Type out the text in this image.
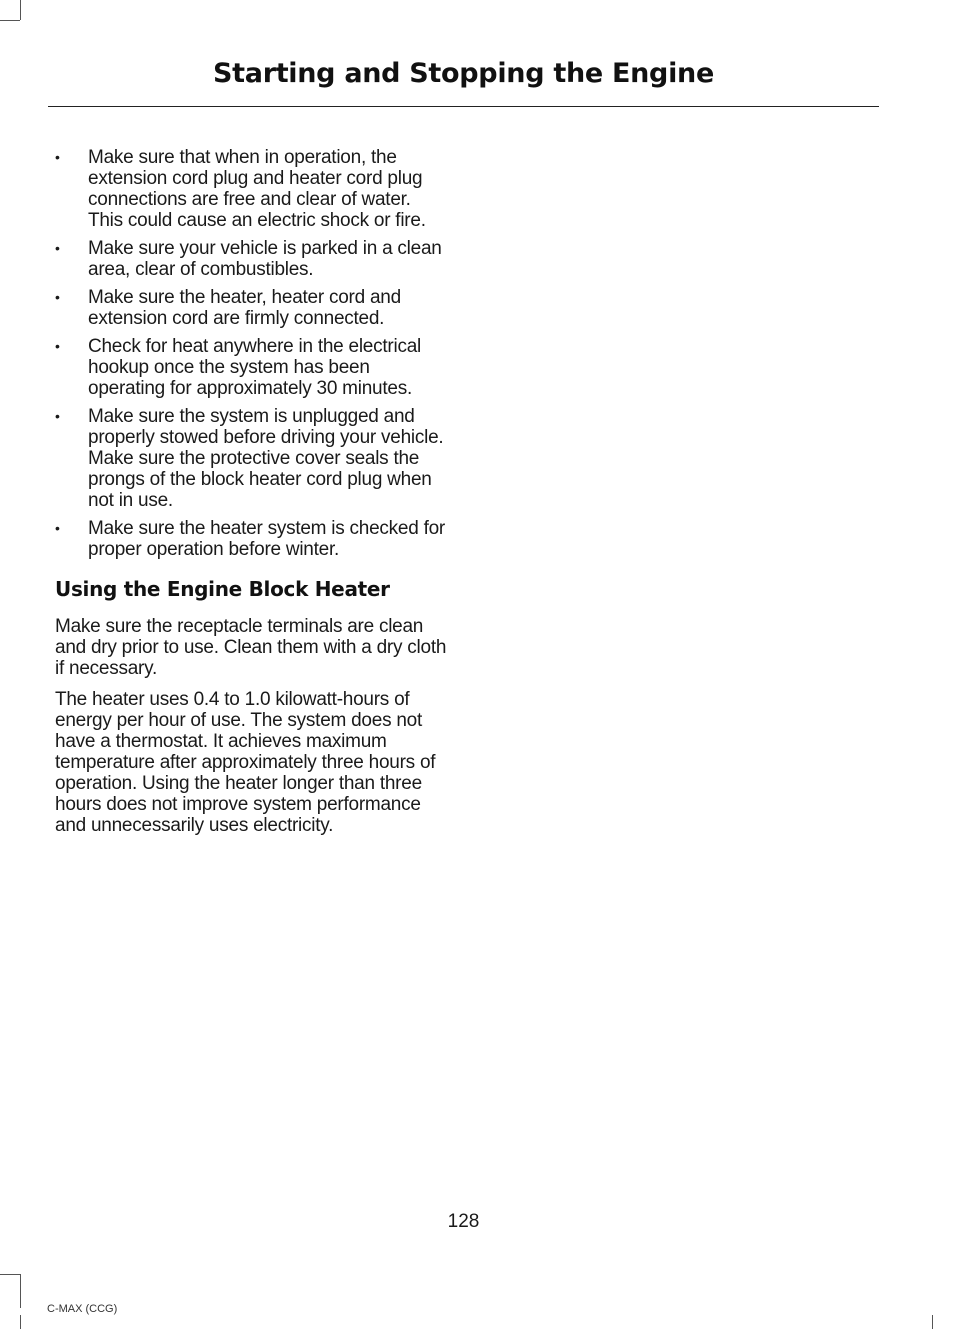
Starting and Stopping the Engine
• Make sure that when in operation, the extension cord plug and heater cord plug connections are free and clear of water. This could cause an electric shock or fire.
• Make sure your vehicle is parked in a clean area, clear of combustibles.
• Make sure the heater, heater cord and extension cord are firmly connected.
• Check for heat anywhere in the electrical hookup once the system has been operating for approximately 30 minutes.
• Make sure the system is unplugged and properly stowed before driving your vehicle. Make sure the protective cover seals the prongs of the block heater cord plug when not in use.
• Make sure the heater system is checked for proper operation before winter.
Using the Engine Block Heater

Make sure the receptacle terminals are clean and dry prior to use. Clean them with a dry cloth if necessary.

The heater uses 0.4 to 1.0 kilowatt-hours of energy per hour of use. The system does not have a thermostat. It achieves maximum temperature after approximately three hours of operation. Using the heater longer than three hours does not improve system performance and unnecessarily uses electricity.

128
C-MAX (CCG)
